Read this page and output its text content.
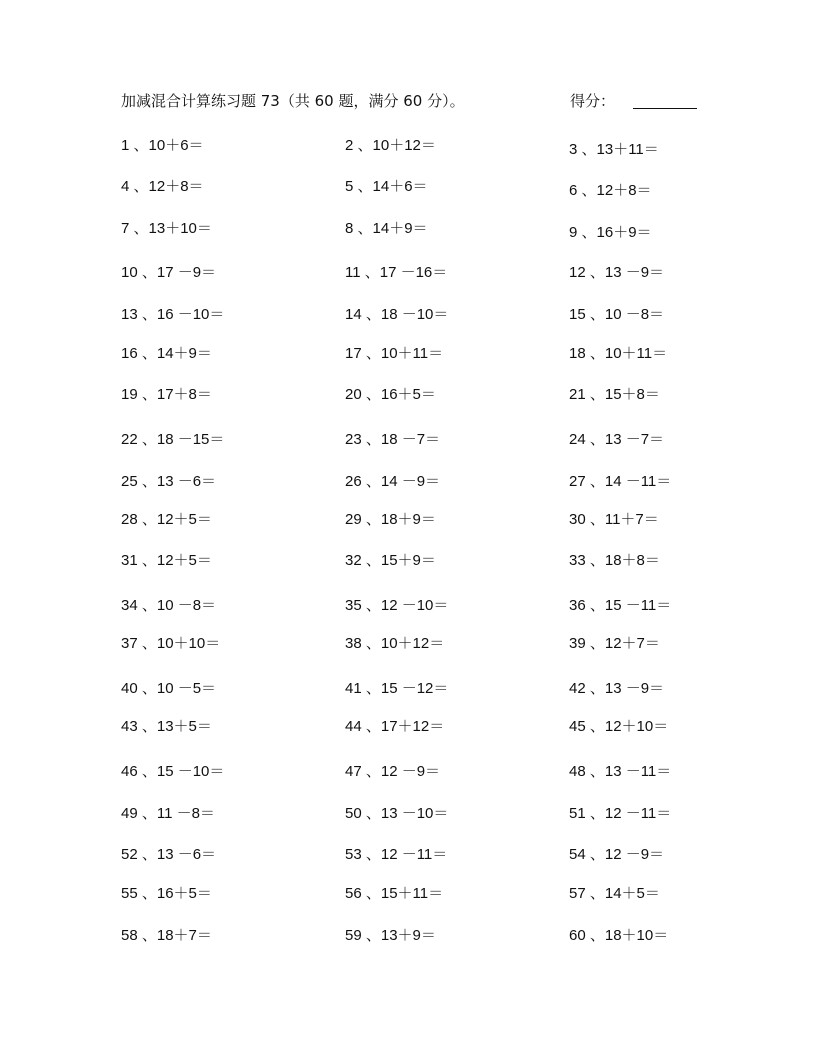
加减混合计算练习题 73（共 60 题，满分 60 分）。	得分：
1 、10＋6＝	2 、10＋12＝	3 、13＋11＝
4 、12＋8＝	5 、14＋6＝	6 、12＋8＝
7 、13＋10＝	8 、14＋9＝	9 、16＋9＝
10 、17 －9＝	11 、17 －16＝	12 、13 －9＝
13 、16 －10＝	14 、18 －10＝	15 、10 －8＝
16 、14＋9＝	17 、10＋11＝	18 、10＋11＝
19 、17＋8＝	20 、16＋5＝	21 、15＋8＝
22 、18 －15＝	23 、18 －7＝	24 、13 －7＝
25 、13 －6＝	26 、14 －9＝	27 、14 －11＝
28 、12＋5＝	29 、18＋9＝	30 、11＋7＝
31 、12＋5＝	32 、15＋9＝	33 、18＋8＝
34 、10 －8＝	35 、12 －10＝	36 、15 －11＝
37 、10＋10＝	38 、10＋12＝	39 、12＋7＝
40 、10 －5＝	41 、15 －12＝	42 、13 －9＝
43 、13＋5＝	44 、17＋12＝	45 、12＋10＝
46 、15 －10＝	47 、12 －9＝	48 、13 －11＝
49 、11 －8＝	50 、13 －10＝	51 、12 －11＝
52 、13 －6＝	53 、12 －11＝	54 、12 －9＝
55 、16＋5＝	56 、15＋11＝	57 、14＋5＝
58 、18＋7＝	59 、13＋9＝	60 、18＋10＝
